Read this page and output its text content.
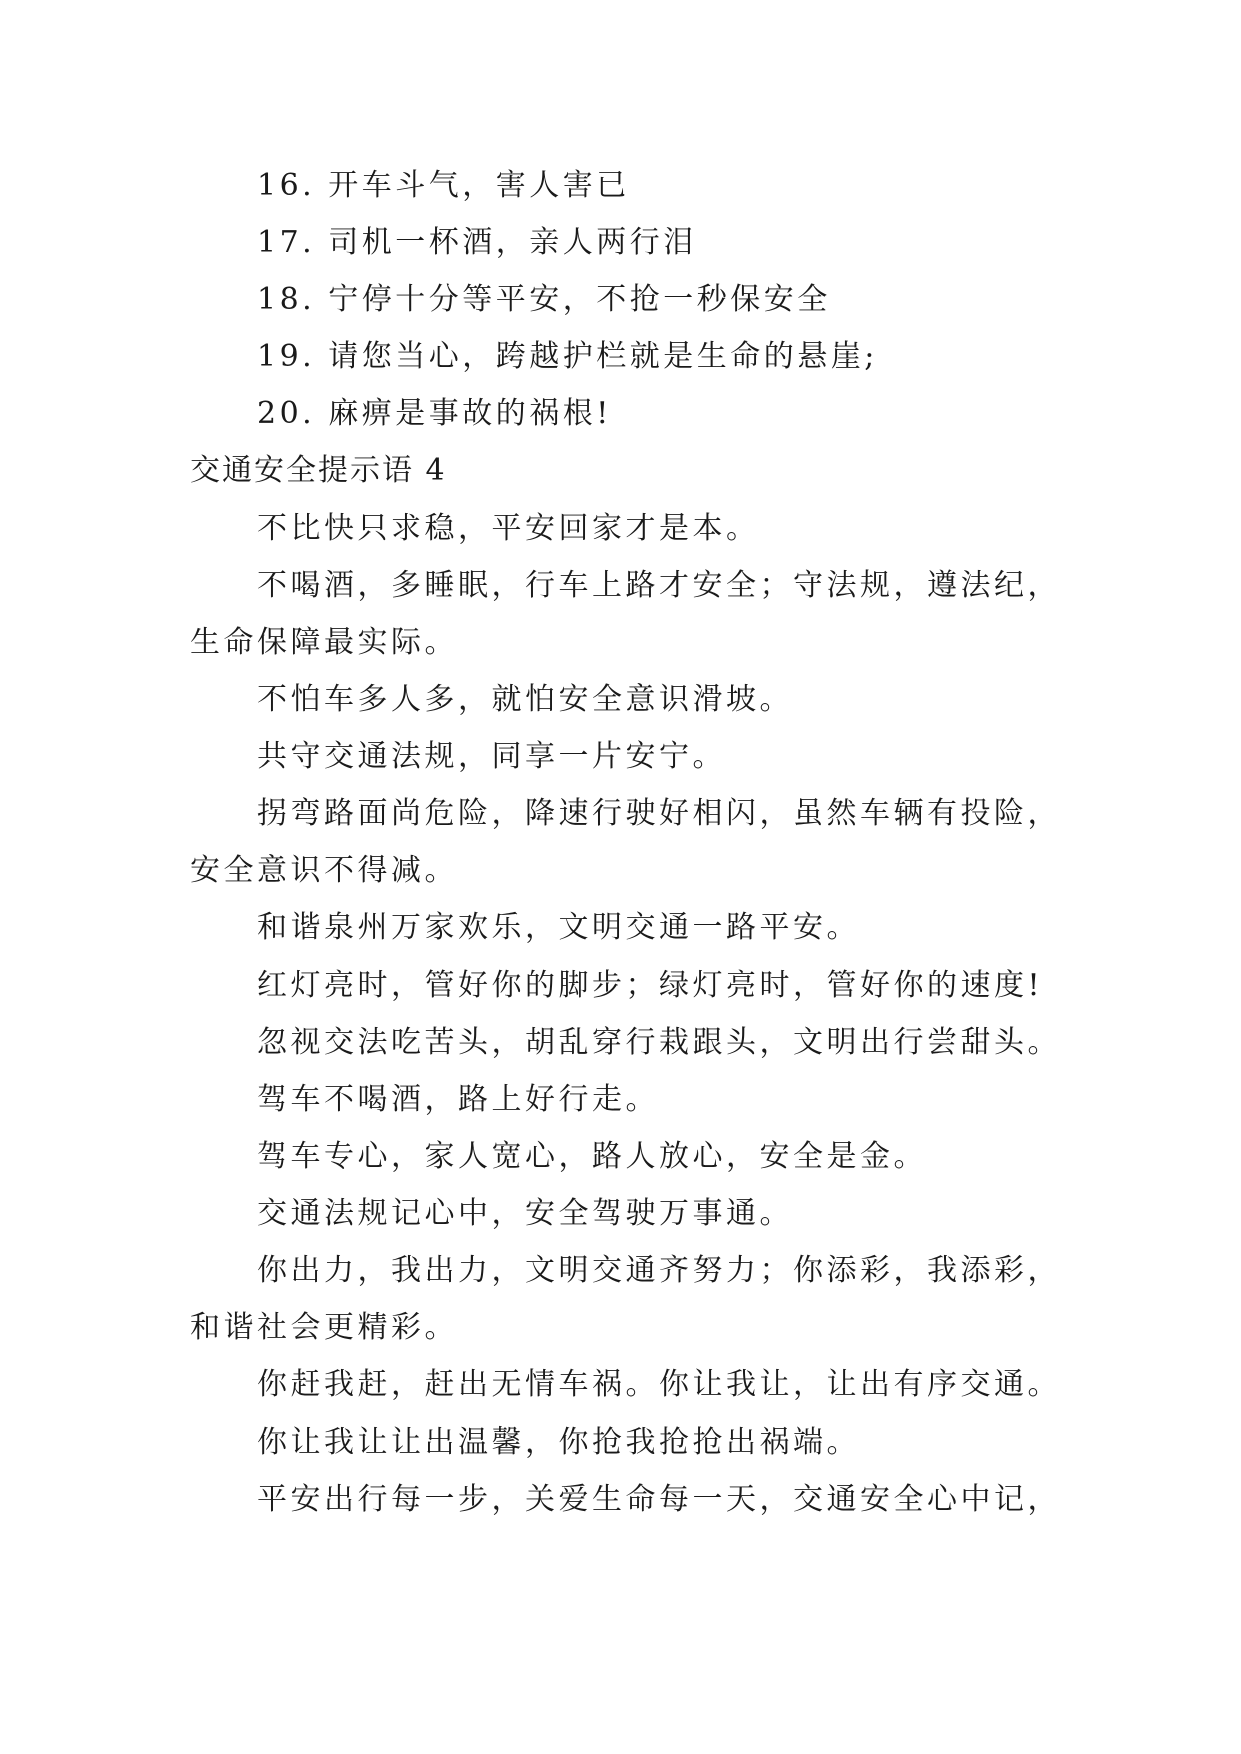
16. 开车斗气，害人害已
17. 司机一杯酒，亲人两行泪
18. 宁停十分等平安，不抢一秒保安全
19. 请您当心，跨越护栏就是生命的悬崖;
20. 麻痹是事故的祸根!
交通安全提示语 4
不比快只求稳，平安回家才是本。
不喝酒，多睡眠，行车上路才安全；守法规，遵法纪，
生命保障最实际。
不怕车多人多，就怕安全意识滑坡。
共守交通法规，同享一片安宁。
拐弯路面尚危险，降速行驶好相闪，虽然车辆有投险，
安全意识不得减。
和谐泉州万家欢乐，文明交通一路平安。
红灯亮时，管好你的脚步；绿灯亮时，管好你的速度!
忽视交法吃苦头，胡乱穿行栽跟头，文明出行尝甜头。
驾车不喝酒，路上好行走。
驾车专心，家人宽心，路人放心，安全是金。
交通法规记心中，安全驾驶万事通。
你出力，我出力，文明交通齐努力；你添彩，我添彩，
和谐社会更精彩。
你赶我赶，赶出无情车祸。你让我让，让出有序交通。
你让我让让出温馨，你抢我抢抢出祸端。
平安出行每一步，关爱生命每一天，交通安全心中记，
